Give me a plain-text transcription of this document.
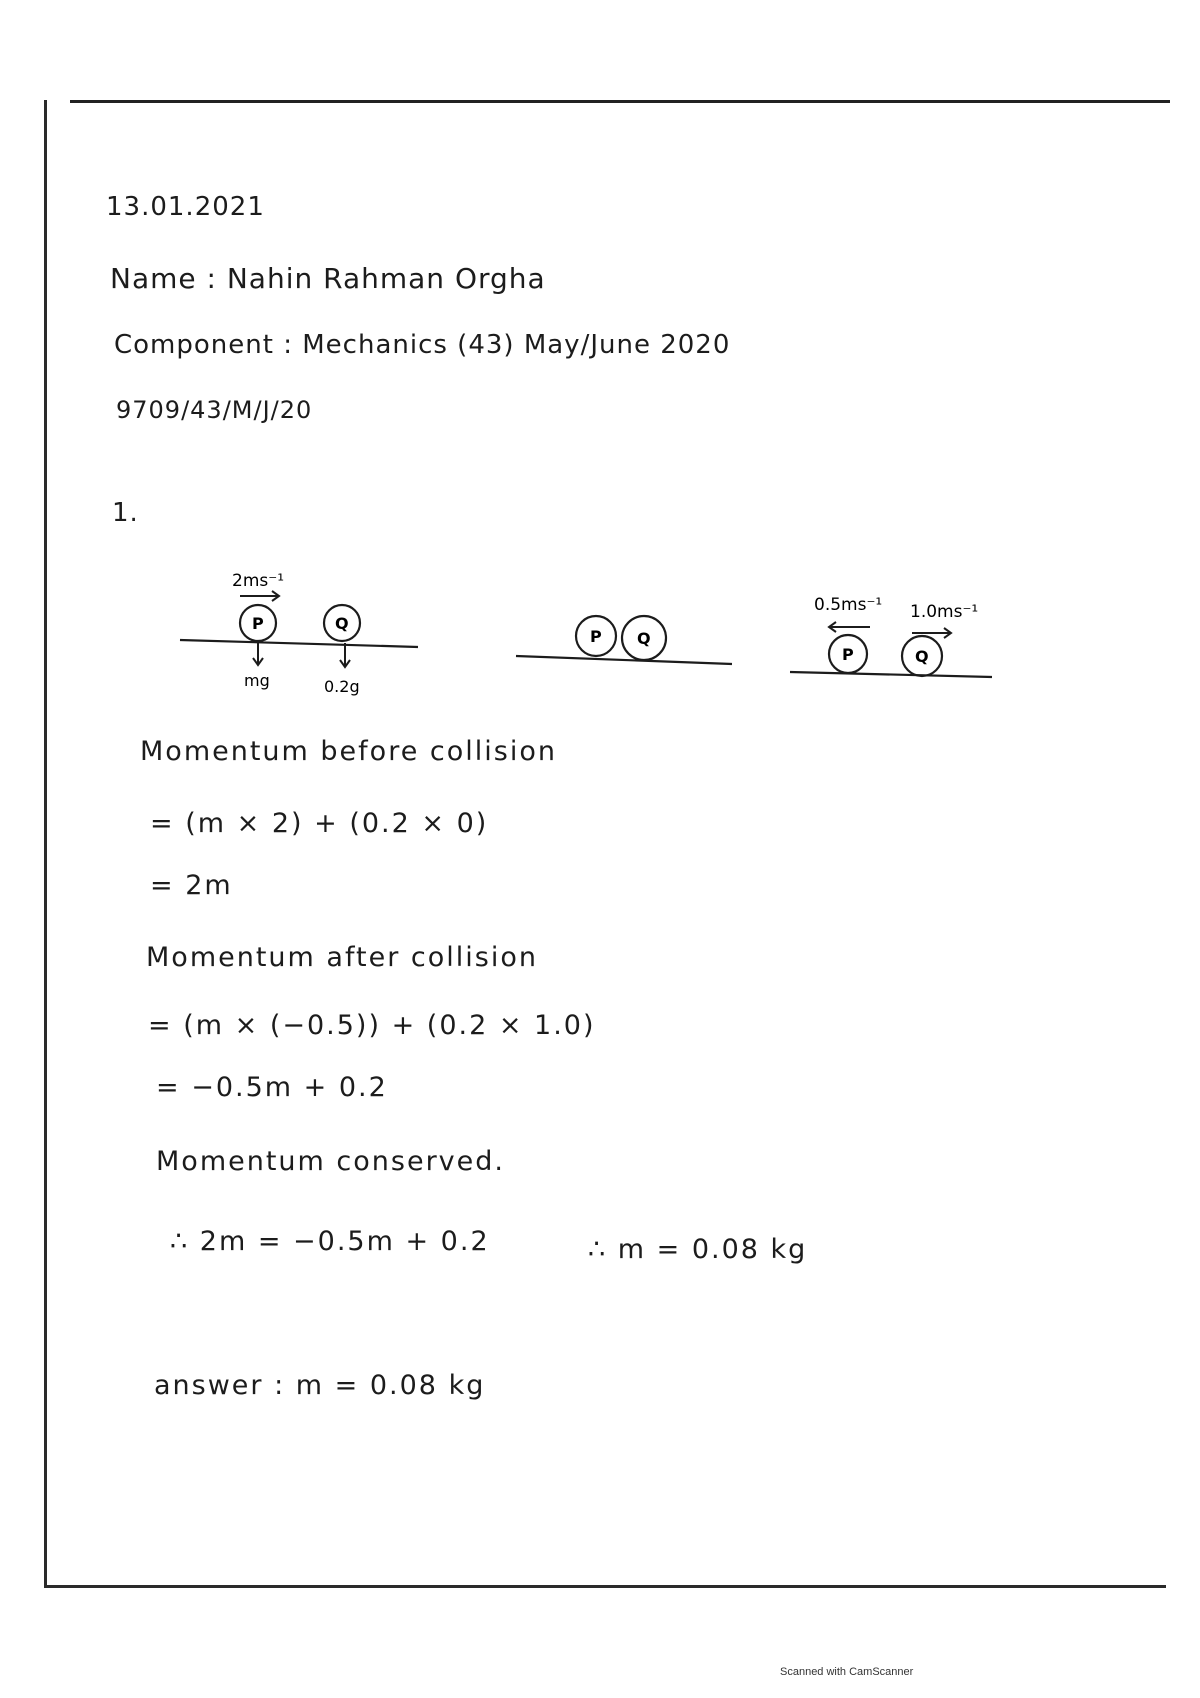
13.01.2021
Name : Nahin Rahman Orgha
Component : Mechanics (43) May/June 2020
9709/43/M/J/20
1.
2ms⁻¹
P	Q
mg	0.2g
P Q
0.5ms⁻¹ 1.0ms⁻¹
P	Q
Momentum before collision
= (m × 2) + (0.2 × 0)
= 2m
Momentum after collision
= (m × (−0.5)) + (0.2 × 1.0)
= −0.5m + 0.2
Momentum conserved.
∴ 2m = −0.5m + 0.2	∴ m = 0.08 kg
answer : m = 0.08 kg
Scanned with CamScanner
